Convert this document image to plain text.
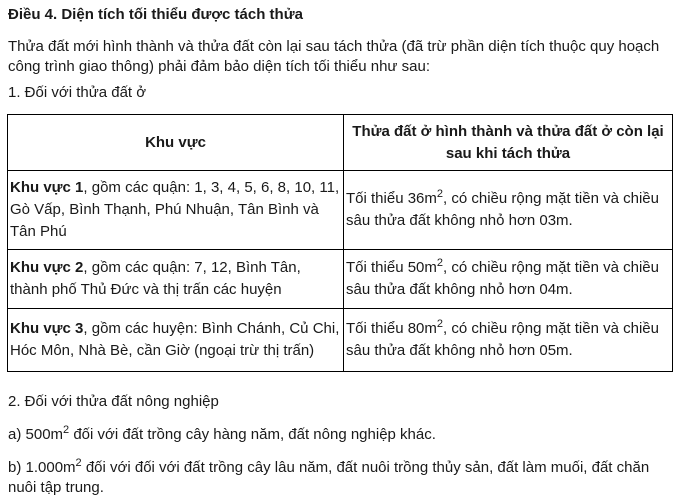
Điều 4. Diện tích tối thiểu được tách thửa
Thửa đất mới hình thành và thửa đất còn lại sau tách thửa (đã trừ phần diện tích thuộc quy hoạch công trình giao thông) phải đảm bảo diện tích tối thiểu như sau:
1. Đối với thửa đất ở
Khu vực	Thửa đất ở hình thành và thửa đất ở còn lại sau khi tách thửa
Khu vực 1, gồm các quận: 1, 3, 4, 5, 6, 8, 10, 11, Gò Vấp, Bình Thạnh, Phú Nhuận, Tân Bình và Tân Phú	Tối thiểu $36m^2$, có chiều rộng mặt tiền và chiều sâu thửa đất không nhỏ hơn 03m.
Khu vực 2, gồm các quận: 7, 12, Bình Tân, thành phố Thủ Đức và thị trấn các huyện	Tối thiểu $50m^2$, có chiều rộng mặt tiền và chiều sâu thửa đất không nhỏ hơn 04m.
Khu vực 3, gồm các huyện: Bình Chánh, Củ Chi, Hóc Môn, Nhà Bè, cần Giờ (ngoại trừ thị trấn)	Tối thiểu $80m^2$, có chiều rộng mặt tiền và chiều sâu thửa đất không nhỏ hơn 05m.
2. Đối với thửa đất nông nghiệp
a) $500m^2$ đối với đất trồng cây hàng năm, đất nông nghiệp khác.
b) $1.000m^2$ đối với đối với đất trồng cây lâu năm, đất nuôi trồng thủy sản, đất làm muối, đất chăn nuôi tập trung.
